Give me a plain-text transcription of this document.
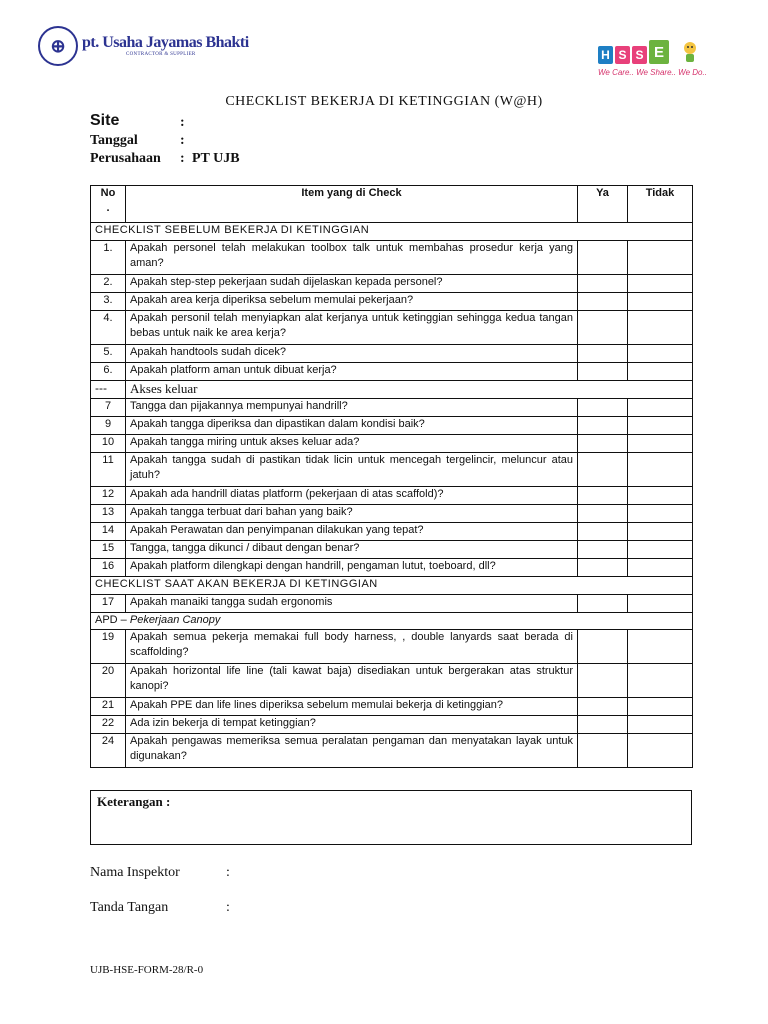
⊕	pt. Usaha Jayamas Bhakti
CONTRACTOR & SUPPLIER	H S S E
We Care.. We Share.. We Do..
CHECKLIST BEKERJA DI KETINGGIAN (W@H)
Site	:
Tanggal	:
Perusahaan : PT UJB
No
.	Item yang di Check	Ya	Tidak
CHECKLIST SEBELUM BEKERJA DI KETINGGIAN			
1.	Apakah personel telah melakukan toolbox talk untuk membahas prosedur kerja yang aman?		
2.	Apakah step-step pekerjaan sudah dijelaskan kepada personel?		
3.	Apakah area kerja diperiksa sebelum memulai pekerjaan?		
4.	Apakah personil telah menyiapkan alat kerjanya untuk ketinggian sehingga kedua tangan bebas untuk naik ke area kerja?		
5.	Apakah handtools sudah dicek?		
6.	Apakah platform aman untuk dibuat kerja?		
---	Akses keluar		
7	Tangga dan pijakannya mempunyai handrill?		
9	Apakah tangga diperiksa dan dipastikan dalam kondisi baik?		
10	Apakah tangga miring untuk akses keluar ada?		
11	Apakah tangga sudah di pastikan tidak licin untuk mencegah tergelincir, meluncur atau jatuh?		
12	Apakah ada handrill diatas platform (pekerjaan di atas scaffold)?		
13	Apakah tangga terbuat dari bahan yang baik?		
14	Apakah Perawatan dan penyimpanan dilakukan yang tepat?		
15	Tangga, tangga dikunci / dibaut dengan benar?		
16	Apakah platform dilengkapi dengan handrill, pengaman lutut, toeboard, dll?		
CHECKLIST SAAT AKAN BEKERJA DI KETINGGIAN			
17	Apakah manaiki tangga sudah ergonomis		
APD – Pekerjaan Canopy			
19	Apakah semua pekerja memakai full body harness, , double lanyards saat berada di scaffolding?		
20	Apakah horizontal life line (tali kawat baja) disediakan untuk bergerakan atas struktur kanopi?		
21	Apakah PPE dan life lines diperiksa sebelum memulai bekerja di ketinggian?		
22	Ada izin bekerja di tempat ketinggian?		
24	Apakah pengawas memeriksa semua peralatan pengaman dan menyatakan layak untuk digunakan?		
Keterangan :
Nama Inspektor	:
Tanda Tangan	:
UJB-HSE-FORM-28/R-0
